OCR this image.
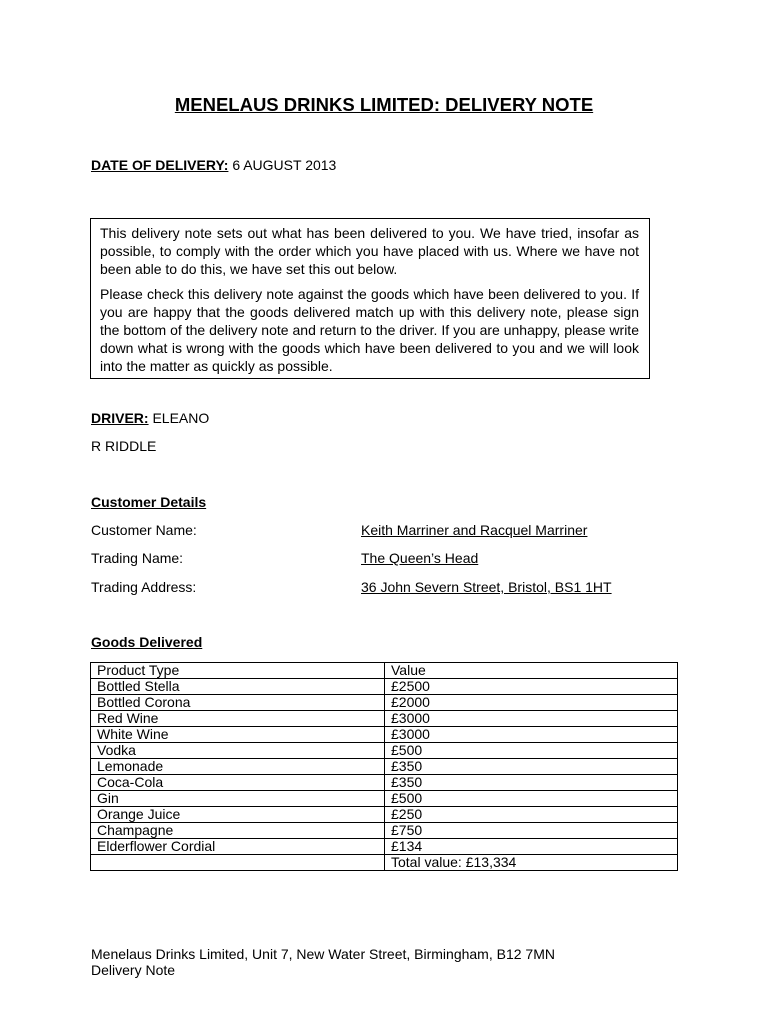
MENELAUS DRINKS LIMITED: DELIVERY NOTE
DATE OF DELIVERY: 6 AUGUST 2013

This delivery note sets out what has been delivered to you. We have tried, insofar as possible, to comply with the order which you have placed with us. Where we have not been able to do this, we have set this out below.

Please check this delivery note against the goods which have been delivered to you. If you are happy that the goods delivered match up with this delivery note, please sign the bottom of the delivery note and return to the driver. If you are unhappy, please write down what is wrong with the goods which have been delivered to you and we will look into the matter as quickly as possible.

DRIVER: ELEANO
R RIDDLE
Customer Details
Customer Name:	Keith Marriner and Racquel Marriner
Trading Name:	The Queen’s Head
Trading Address:	36 John Severn Street, Bristol, BS1 1HT
Goods Delivered
Product Type	Value
Bottled Stella	£2500
Bottled Corona	£2000
Red Wine	£3000
White Wine	£3000
Vodka	£500
Lemonade	£350
Coca-Cola	£350
Gin	£500
Orange Juice	£250
Champagne	£750
Elderflower Cordial	£134
	Total value: £13,334
Menelaus Drinks Limited, Unit 7, New Water Street, Birmingham, B12 7MN
Delivery Note
